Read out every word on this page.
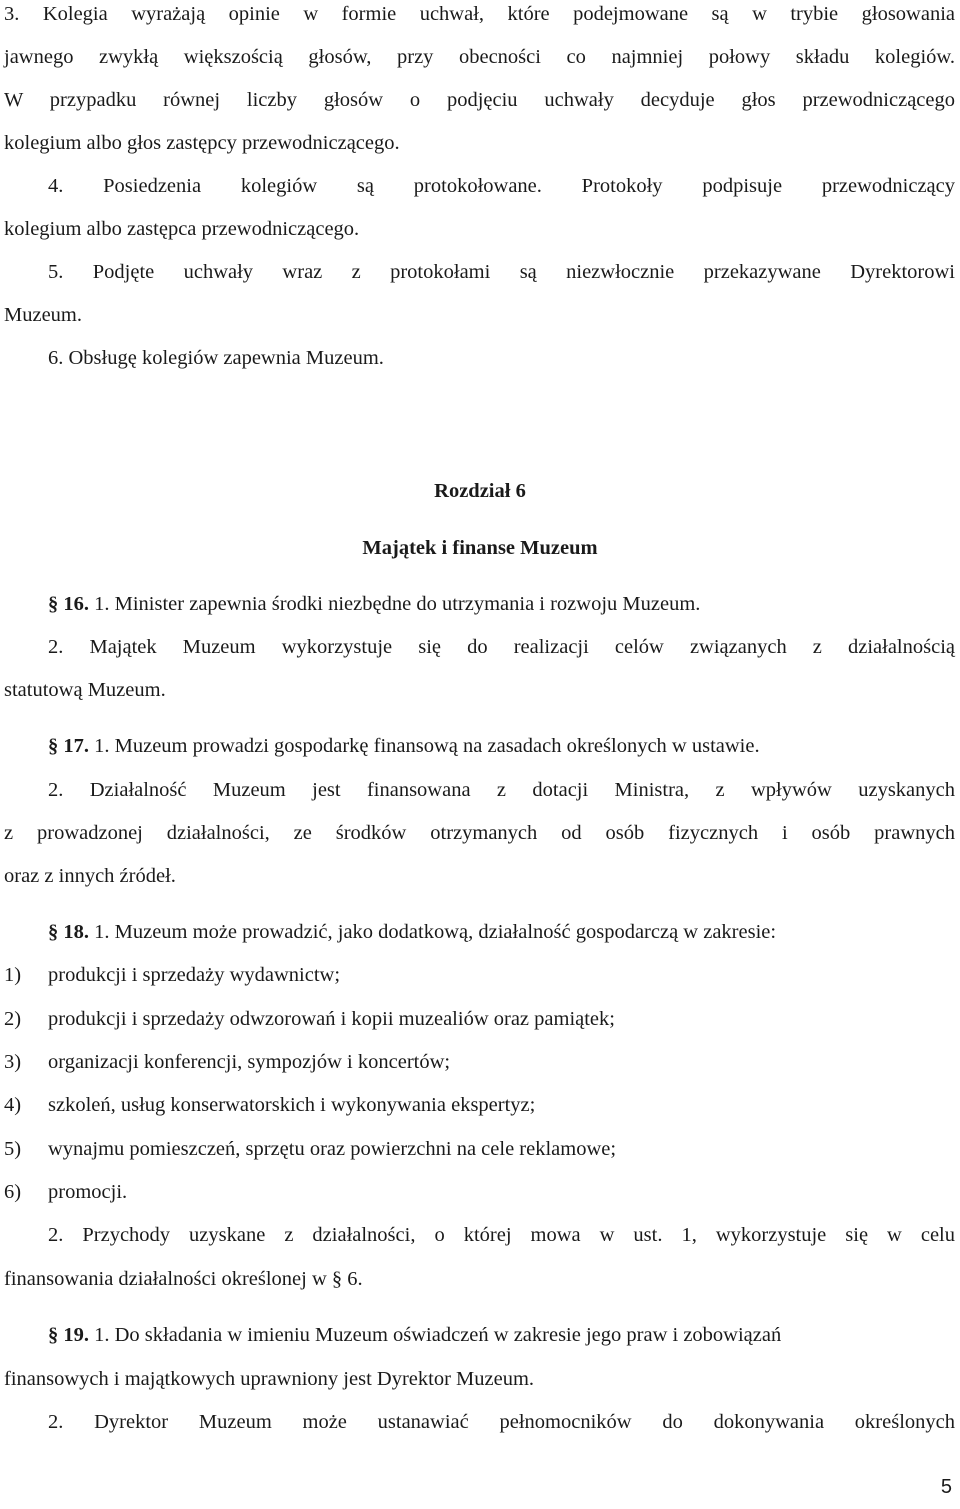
3. Kolegia wyrażają opinie w formie uchwał, które podejmowane są w trybie głosowania
jawnego zwykłą większością głosów, przy obecności co najmniej połowy składu kolegiów.
W przypadku równej liczby głosów o podjęciu uchwały decyduje głos przewodniczącego
kolegium albo głos zastępcy przewodniczącego.
4. Posiedzenia kolegiów są protokołowane. Protokoły podpisuje przewodniczący
kolegium albo zastępca przewodniczącego.
5. Podjęte uchwały wraz z protokołami są niezwłocznie przekazywane Dyrektorowi
Muzeum.
6. Obsługę kolegiów zapewnia Muzeum.
Rozdział 6
Majątek i finanse Muzeum
§ 16. 1. Minister zapewnia środki niezbędne do utrzymania i rozwoju Muzeum.
2. Majątek Muzeum wykorzystuje się do realizacji celów związanych z działalnością
statutową Muzeum.
§ 17. 1. Muzeum prowadzi gospodarkę finansową na zasadach określonych w ustawie.
2. Działalność Muzeum jest finansowana z dotacji Ministra, z wpływów uzyskanych
z prowadzonej działalności, ze środków otrzymanych od osób fizycznych i osób prawnych
oraz z innych źródeł.
§ 18. 1. Muzeum może prowadzić, jako dodatkową, działalność gospodarczą w zakresie:
1) produkcji i sprzedaży wydawnictw;
2) produkcji i sprzedaży odwzorowań i kopii muzealiów oraz pamiątek;
3) organizacji konferencji, sympozjów i koncertów;
4) szkoleń, usług konserwatorskich i wykonywania ekspertyz;
5) wynajmu pomieszczeń, sprzętu oraz powierzchni na cele reklamowe;
6) promocji.
2. Przychody uzyskane z działalności, o której mowa w ust. 1, wykorzystuje się w celu
finansowania działalności określonej w § 6.
§ 19. 1. Do składania w imieniu Muzeum oświadczeń w zakresie jego praw i zobowiązań
finansowych i majątkowych uprawniony jest Dyrektor Muzeum.
2. Dyrektor Muzeum może ustanawiać pełnomocników do dokonywania określonych
5
